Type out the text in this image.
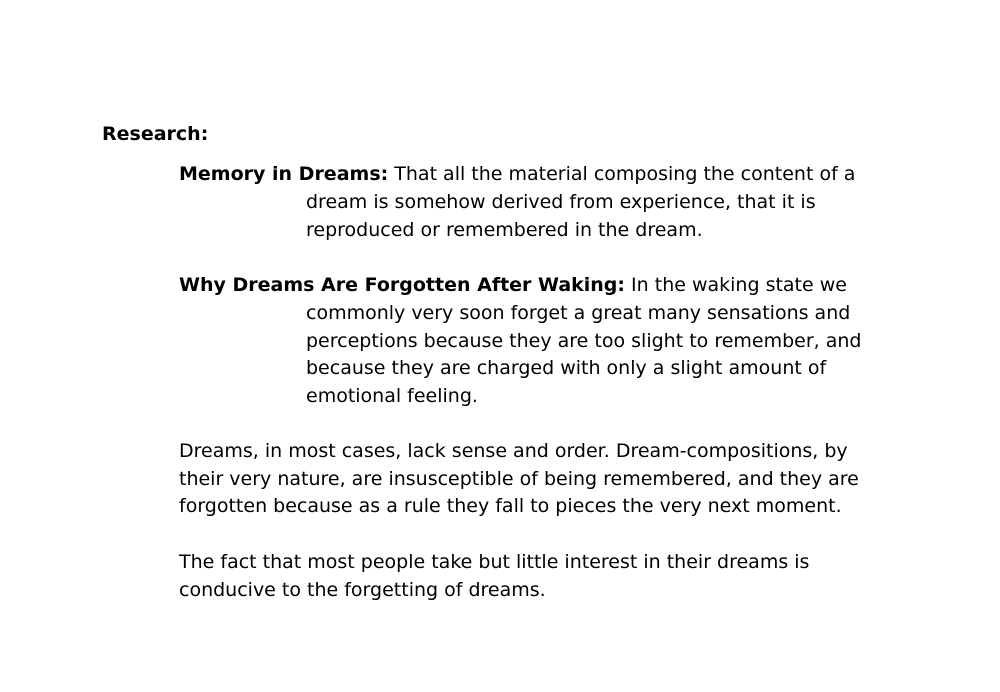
Research:
Memory in Dreams: That all the material composing the content of a
dream is somehow derived from experience, that it is
reproduced or remembered in the dream.
Why Dreams Are Forgotten After Waking: In the waking state we
commonly very soon forget a great many sensations and
perceptions because they are too slight to remember, and
because they are charged with only a slight amount of
emotional feeling.
Dreams, in most cases, lack sense and order. Dream-compositions, by
their very nature, are insusceptible of being remembered, and they are
forgotten because as a rule they fall to pieces the very next moment.
The fact that most people take but little interest in their dreams is
conducive to the forgetting of dreams.
